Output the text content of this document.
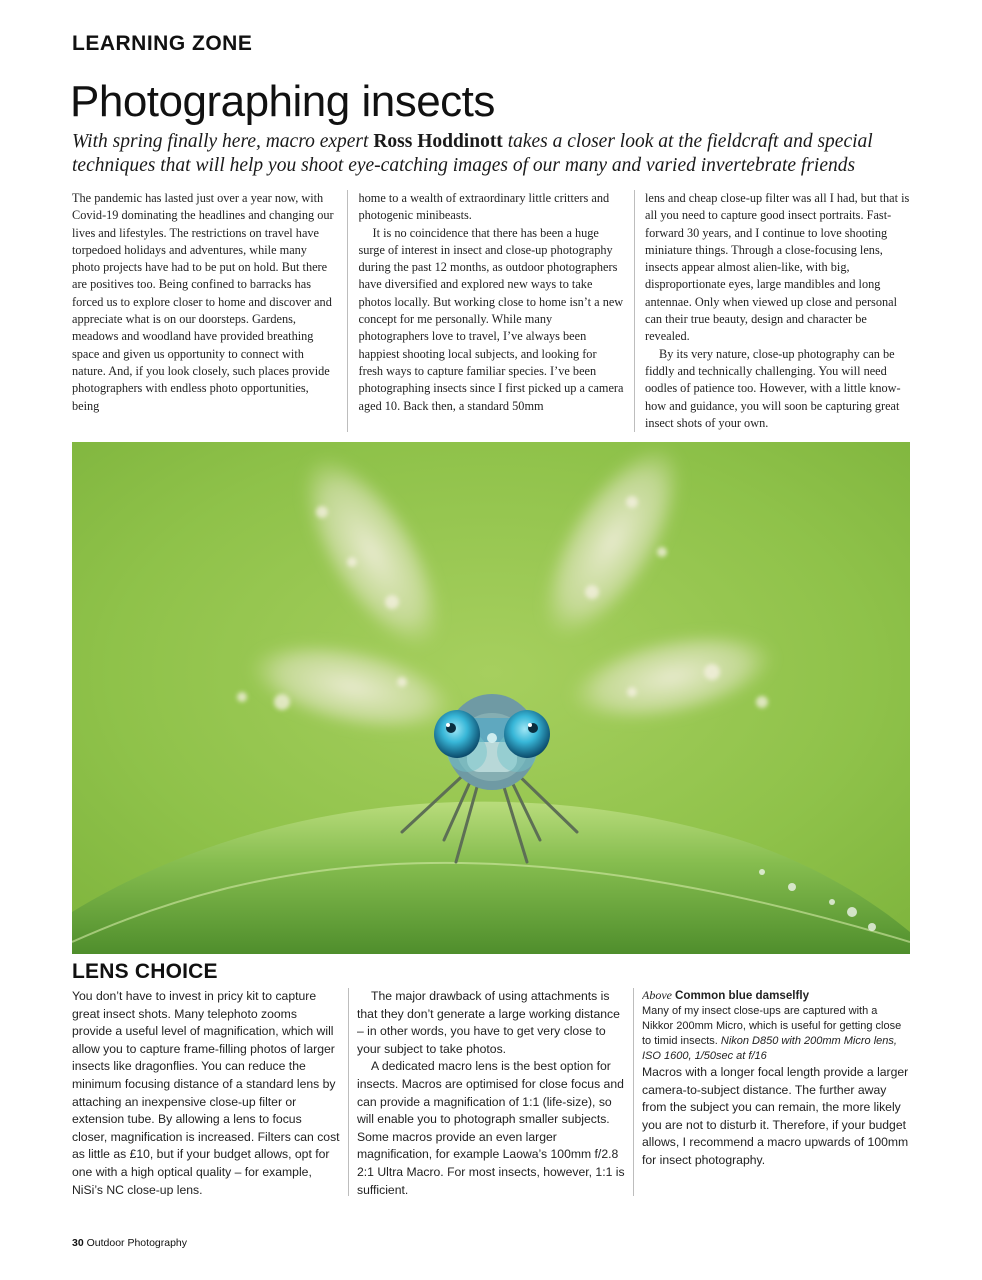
LEARNING ZONE
Photographing insects

With spring finally here, macro expert Ross Hoddinott takes a closer look at the fieldcraft and special techniques that will help you shoot eye-catching images of our many and varied invertebrate friends

The pandemic has lasted just over a year now, with Covid-19 dominating the headlines and changing our lives and lifestyles. The restrictions on travel have torpedoed holidays and adventures, while many photo projects have had to be put on hold. But there are positives too. Being confined to barracks has forced us to explore closer to home and discover and appreciate what is on our doorsteps. Gardens, meadows and woodland have provided breathing space and given us opportunity to connect with nature. And, if you look closely, such places provide photographers with endless photo opportunities, being

home to a wealth of extraordinary little critters and photogenic minibeasts.

It is no coincidence that there has been a huge surge of interest in insect and close-up photography during the past 12 months, as outdoor photographers have diversified and explored new ways to take photos locally. But working close to home isn’t a new concept for me personally. While many photographers love to travel, I’ve always been happiest shooting local subjects, and looking for fresh ways to capture familiar species. I’ve been photographing insects since I first picked up a camera aged 10. Back then, a standard 50mm

lens and cheap close-up filter was all I had, but that is all you need to capture good insect portraits. Fast-forward 30 years, and I continue to love shooting miniature things. Through a close-focusing lens, insects appear almost alien-like, with big, disproportionate eyes, large mandibles and long antennae. Only when viewed up close and personal can their true beauty, design and character be revealed.

By its very nature, close-up photography can be fiddly and technically challenging. You will need oodles of patience too. However, with a little know-how and guidance, you will soon be capturing great insect shots of your own.

LENS CHOICE

You don’t have to invest in pricy kit to capture great insect shots. Many telephoto zooms provide a useful level of magnification, which will allow you to capture frame-filling photos of larger insects like dragonflies. You can reduce the minimum focusing distance of a standard lens by attaching an inexpensive close-up filter or extension tube. By allowing a lens to focus closer, magnification is increased. Filters can cost as little as £10, but if your budget allows, opt for one with a high optical quality – for example, NiSi’s NC close-up lens.

The major drawback of using attachments is that they don’t generate a large working distance – in other words, you have to get very close to your subject to take photos.

A dedicated macro lens is the best option for insects. Macros are optimised for close focus and can provide a magnification of 1:1 (life-size), so will enable you to photograph smaller subjects. Some macros provide an even larger magnification, for example Laowa’s 100mm f/2.8 2:1 Ultra Macro. For most insects, however, 1:1 is sufficient.

Above Common blue damselfly
Many of my insect close-ups are captured with a Nikkor 200mm Micro, which is useful for getting close to timid insects. Nikon D850 with 200mm Micro lens, ISO 1600, 1/50sec at f/16

Macros with a longer focal length provide a larger camera-to-subject distance. The further away from the subject you can remain, the more likely you are not to disturb it. Therefore, if your budget allows, I recommend a macro upwards of 100mm for insect photography.

30 Outdoor Photography
